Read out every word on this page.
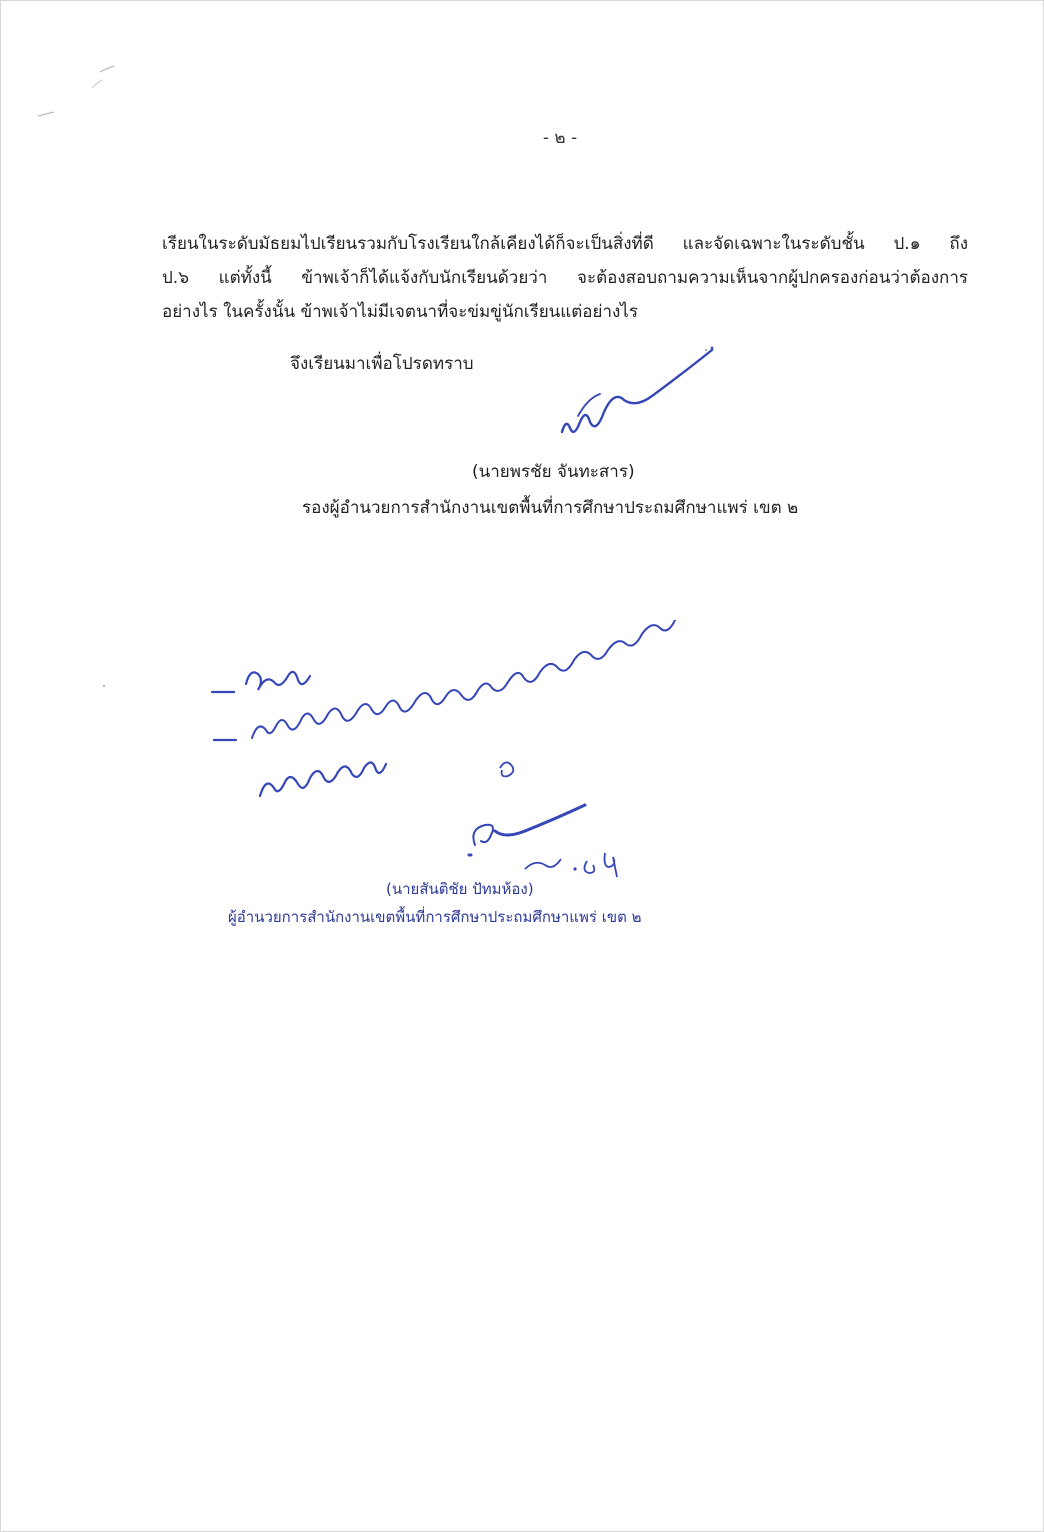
- ๒ -
เรียนในระดับมัธยมไปเรียนรวมกับโรงเรียนใกล้เคียงได้ก็จะเป็นสิ่งที่ดี และจัดเฉพาะในระดับชั้น ป.๑ ถึง
ป.๖ แต่ทั้งนี้ ข้าพเจ้าก็ได้แจ้งกับนักเรียนด้วยว่า จะต้องสอบถามความเห็นจากผู้ปกครองก่อนว่าต้องการ
อย่างไร ในครั้งนั้น ข้าพเจ้าไม่มีเจตนาที่จะข่มขู่นักเรียนแต่อย่างไร
จึงเรียนมาเพื่อโปรดทราบ
(นายพรชัย จันทะสาร)
รองผู้อำนวยการสำนักงานเขตพื้นที่การศึกษาประถมศึกษาแพร่ เขต ๒
(นายสันติชัย ปัทมห้อง)
ผู้อำนวยการสำนักงานเขตพื้นที่การศึกษาประถมศึกษาแพร่ เขต ๒
